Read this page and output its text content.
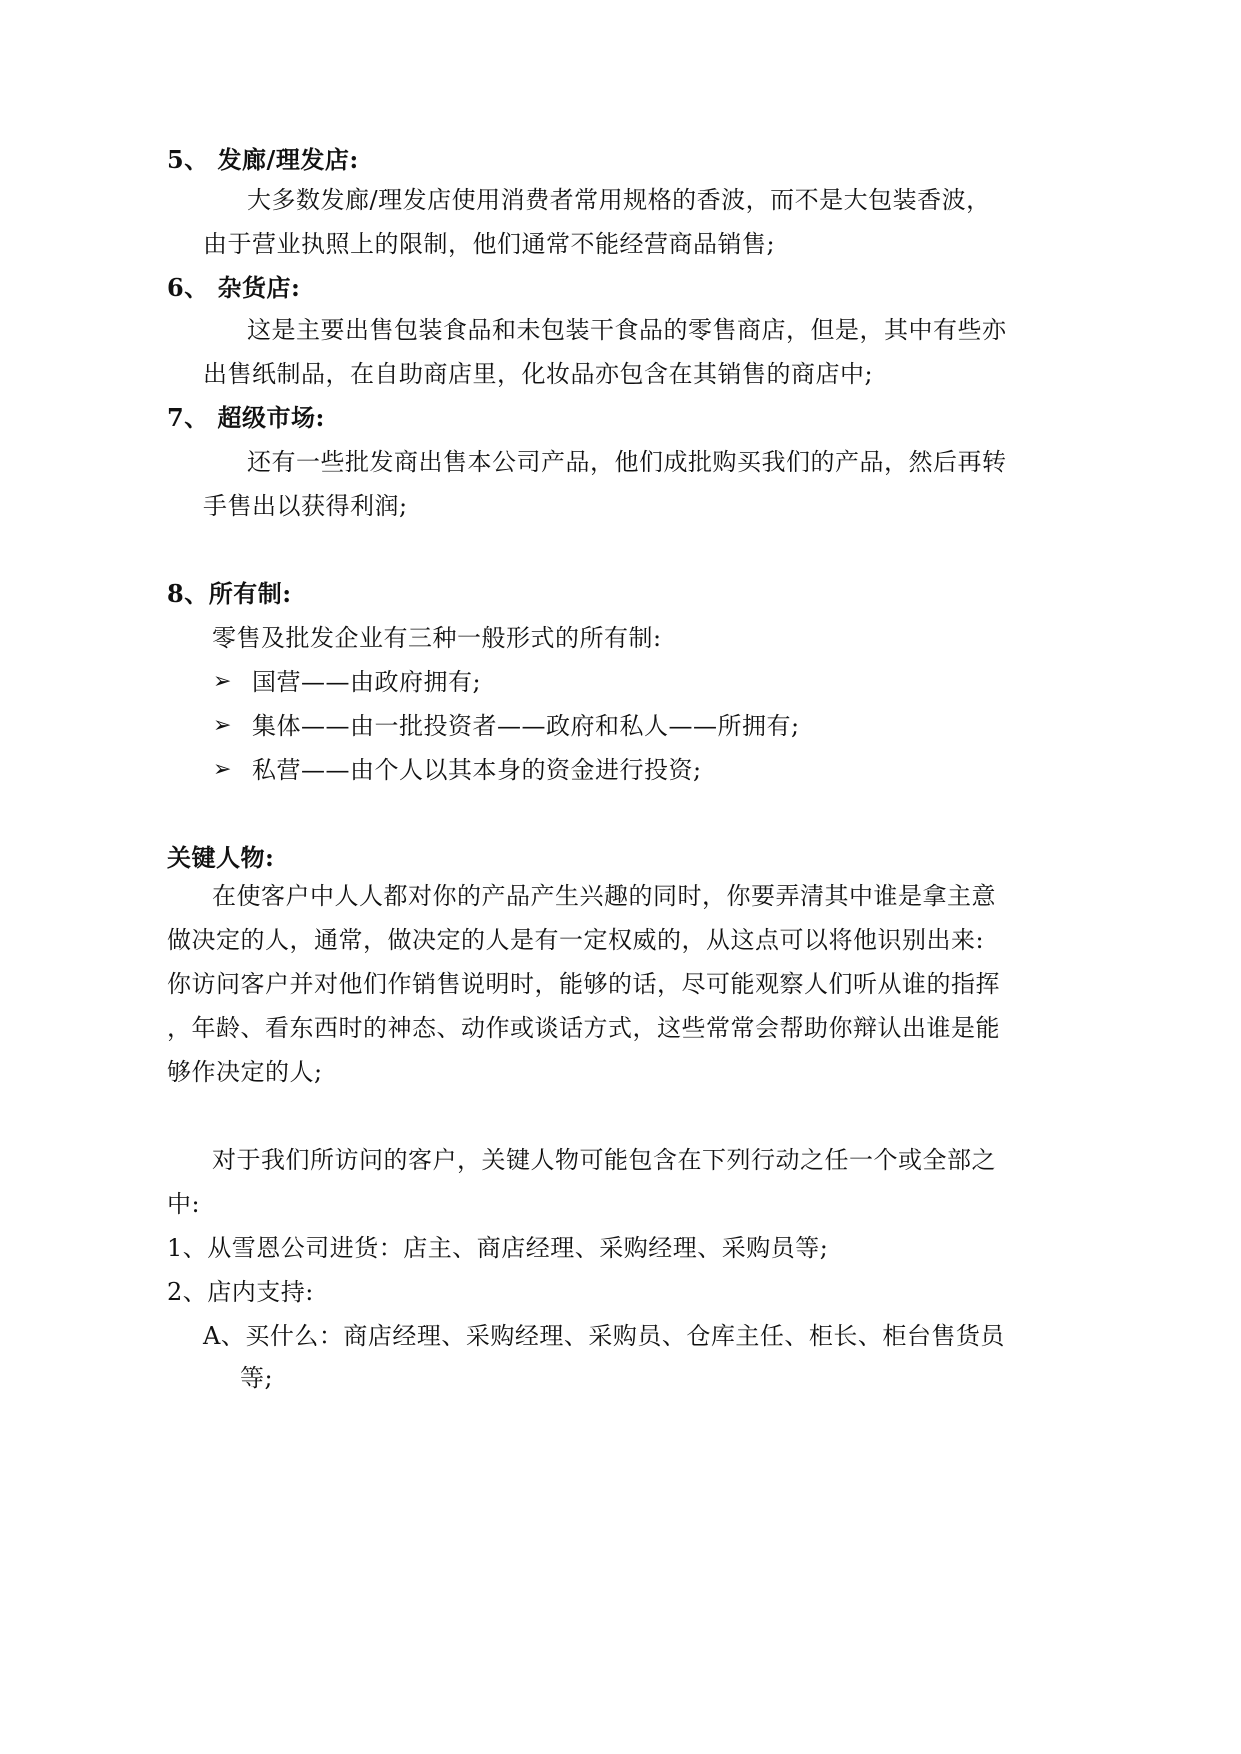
5、 发廊/理发店:
大多数发廊/理发店使用消费者常用规格的香波，而不是大包装香波，
由于营业执照上的限制，他们通常不能经营商品销售;
6、 杂货店:
这是主要出售包装食品和未包装干食品的零售商店，但是，其中有些亦
出售纸制品，在自助商店里，化妆品亦包含在其销售的商店中;
7、 超级市场:
还有一些批发商出售本公司产品，他们成批购买我们的产品，然后再转
手售出以获得利润;
8、所有制:
零售及批发企业有三种一般形式的所有制:
➢ 国营——由政府拥有;
➢ 集体——由一批投资者——政府和私人——所拥有;
➢ 私营——由个人以其本身的资金进行投资;
关键人物:
在使客户中人人都对你的产品产生兴趣的同时，你要弄清其中谁是拿主意
做决定的人，通常，做决定的人是有一定权威的，从这点可以将他识别出来:
你访问客户并对他们作销售说明时，能够的话，尽可能观察人们听从谁的指挥
，年龄、看东西时的神态、动作或谈话方式，这些常常会帮助你辩认出谁是能
够作决定的人;
对于我们所访问的客户，关键人物可能包含在下列行动之任一个或全部之
中:
1、从雪恩公司进货：店主、商店经理、采购经理、采购员等;
2、店内支持:
A、买什么：商店经理、采购经理、采购员、仓库主任、柜长、柜台售货员
等;
